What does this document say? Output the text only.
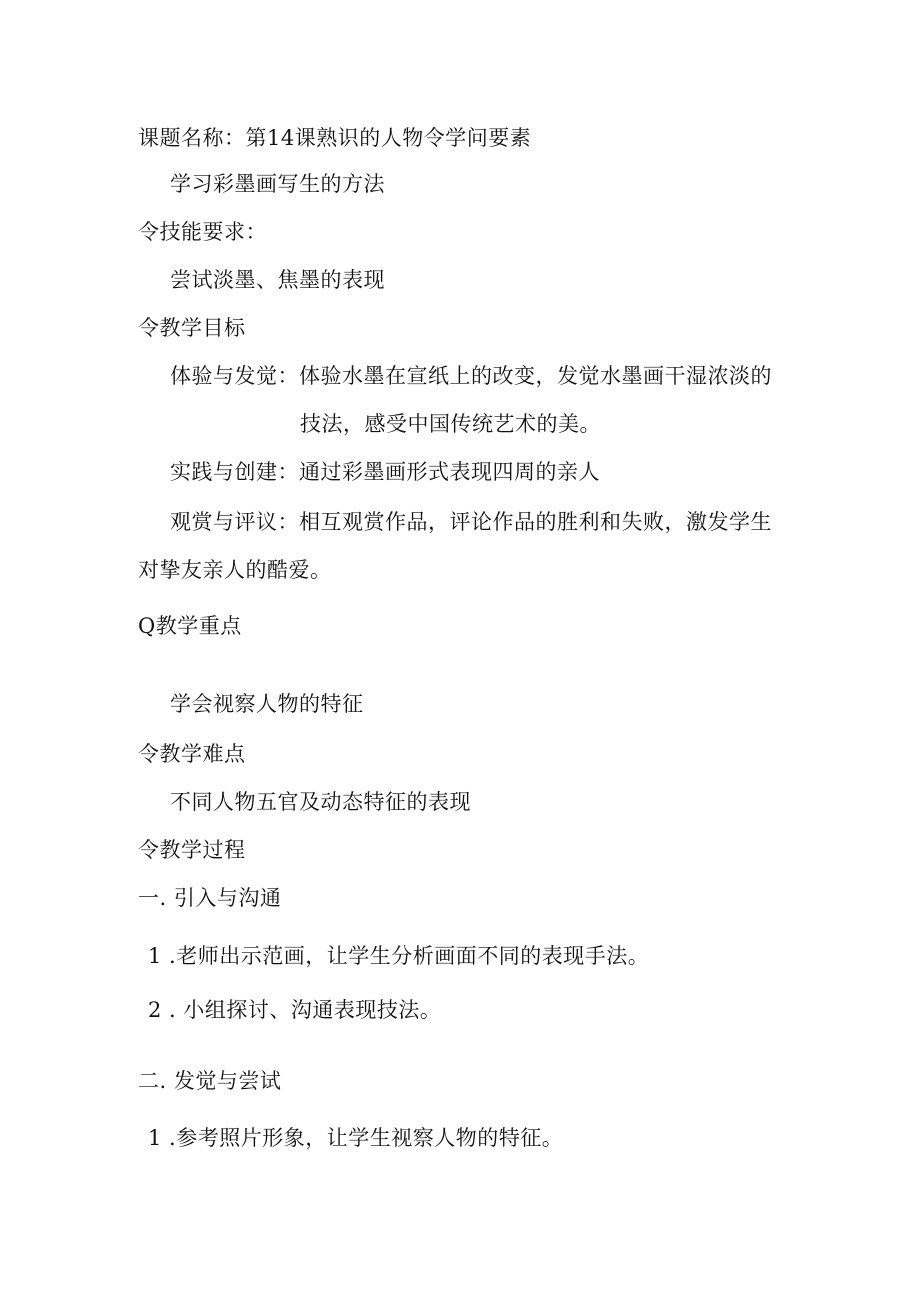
课题名称：第14课熟识的人物令学问要素
学习彩墨画写生的方法
令技能要求：
尝试淡墨、焦墨的表现
令教学目标
体验与发觉：体验水墨在宣纸上的改变，发觉水墨画干湿浓淡的
技法，感受中国传统艺术的美。
实践与创建：通过彩墨画形式表现四周的亲人
观赏与评议：相互观赏作品，评论作品的胜利和失败，激发学生
对挚友亲人的酷爱。
Q教学重点
学会视察人物的特征
令教学难点
不同人物五官及动态特征的表现
令教学过程
一. 引入与沟通
1 .老师出示范画，让学生分析画面不同的表现手法。
2 . 小组探讨、沟通表现技法。
二. 发觉与尝试
1 .参考照片形象，让学生视察人物的特征。
